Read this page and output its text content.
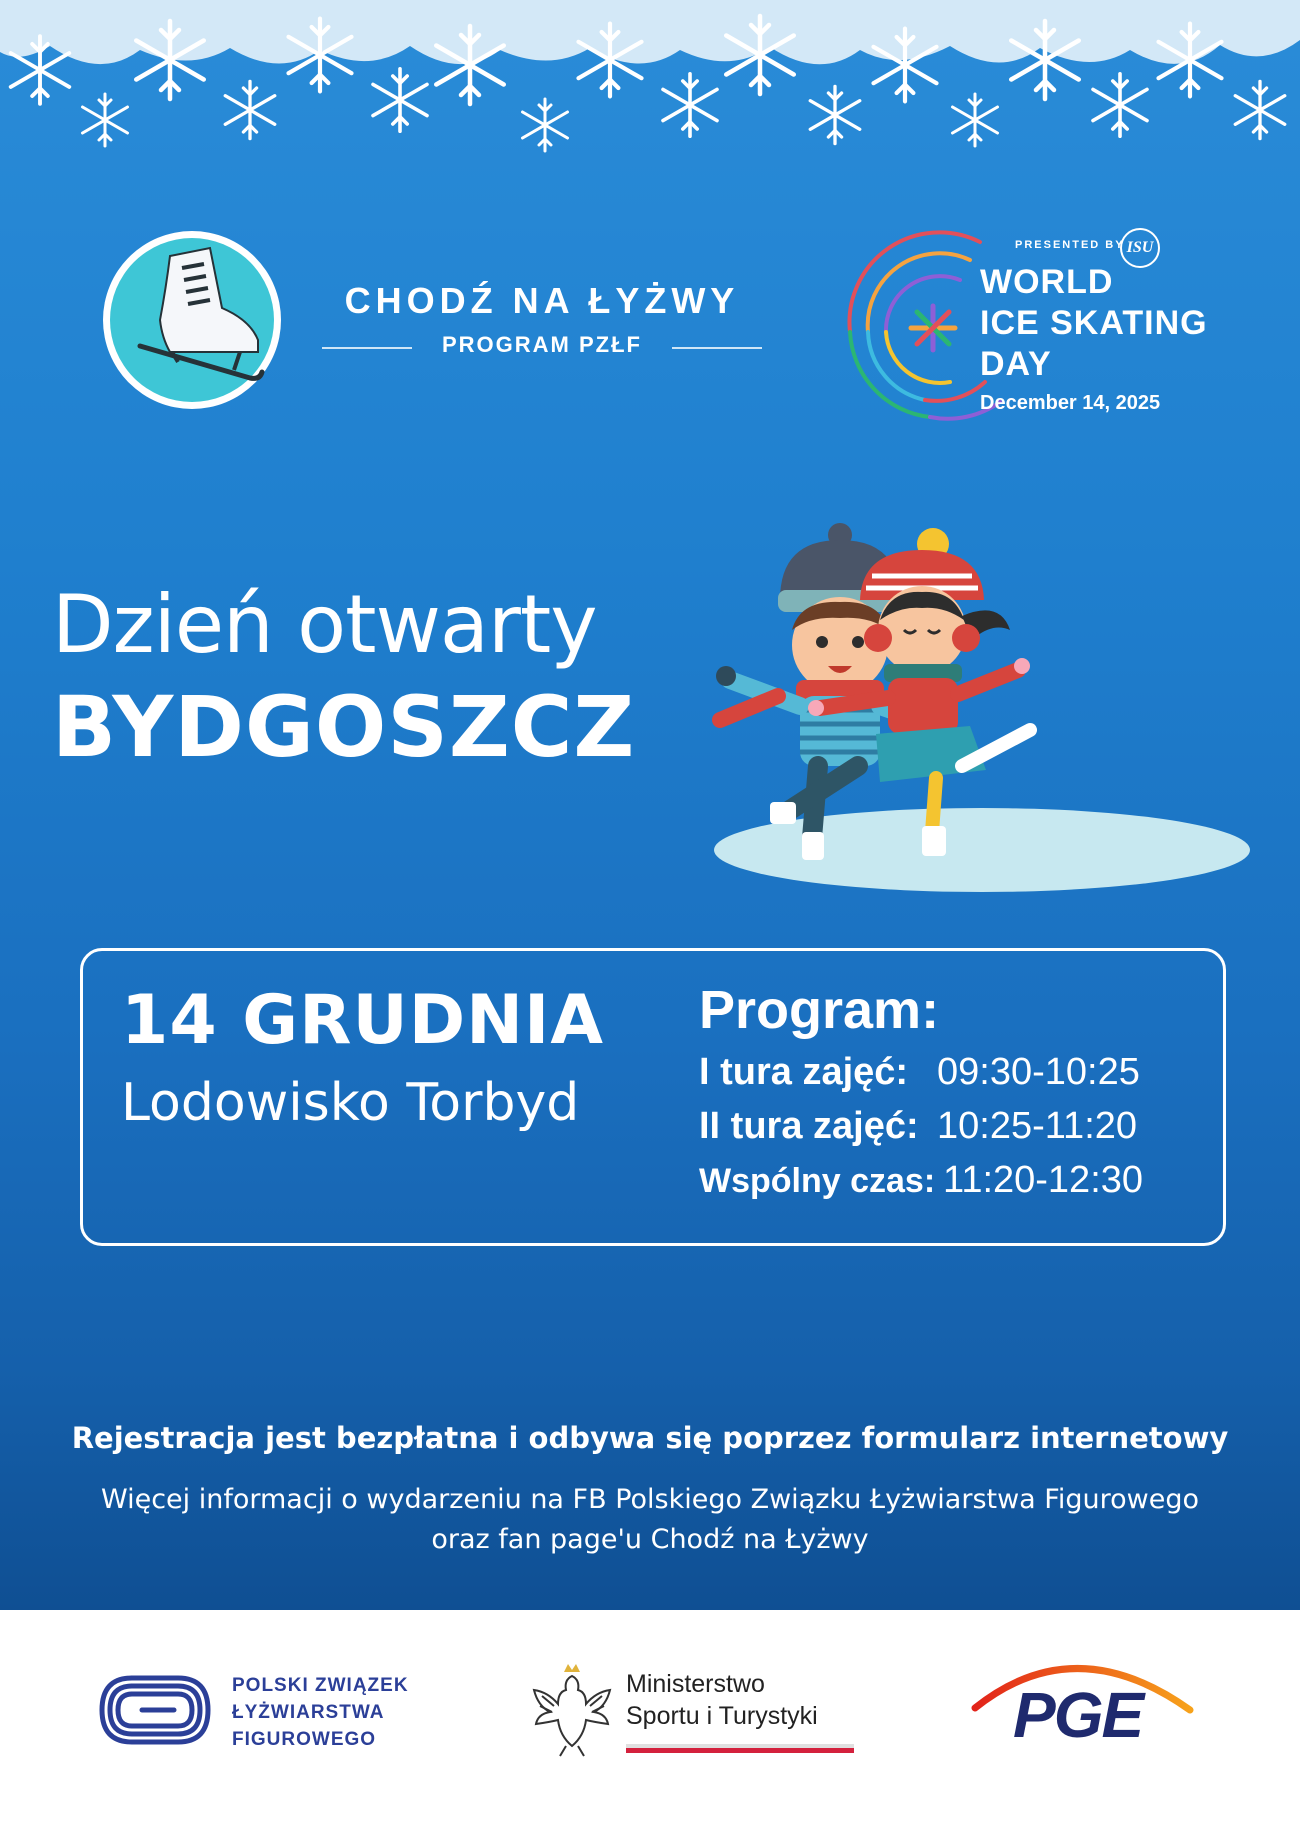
CHODŹ NA ŁYŻWY
PROGRAM PZŁF
PRESENTED BY ISU
WORLD
ICE SKATING
DAY
December 14, 2025
Dzień otwarty
BYDGOSZCZ
14 GRUDNIA
Lodowisko Torbyd
Program:
I tura zajęć: 09:30-10:25
II tura zajęć: 10:25-11:20
Wspólny czas: 11:20-12:30
Rejestracja jest bezpłatna i odbywa się poprzez formularz internetowy
Więcej informacji o wydarzeniu na FB Polskiego Związku Łyżwiarstwa Figurowego
oraz fan page'u Chodź na Łyżwy
POLSKI ZWIĄZEK
ŁYŻWIARSTWA
FIGUROWEGO
Ministerstwo
Sportu i Turystyki	PGE
